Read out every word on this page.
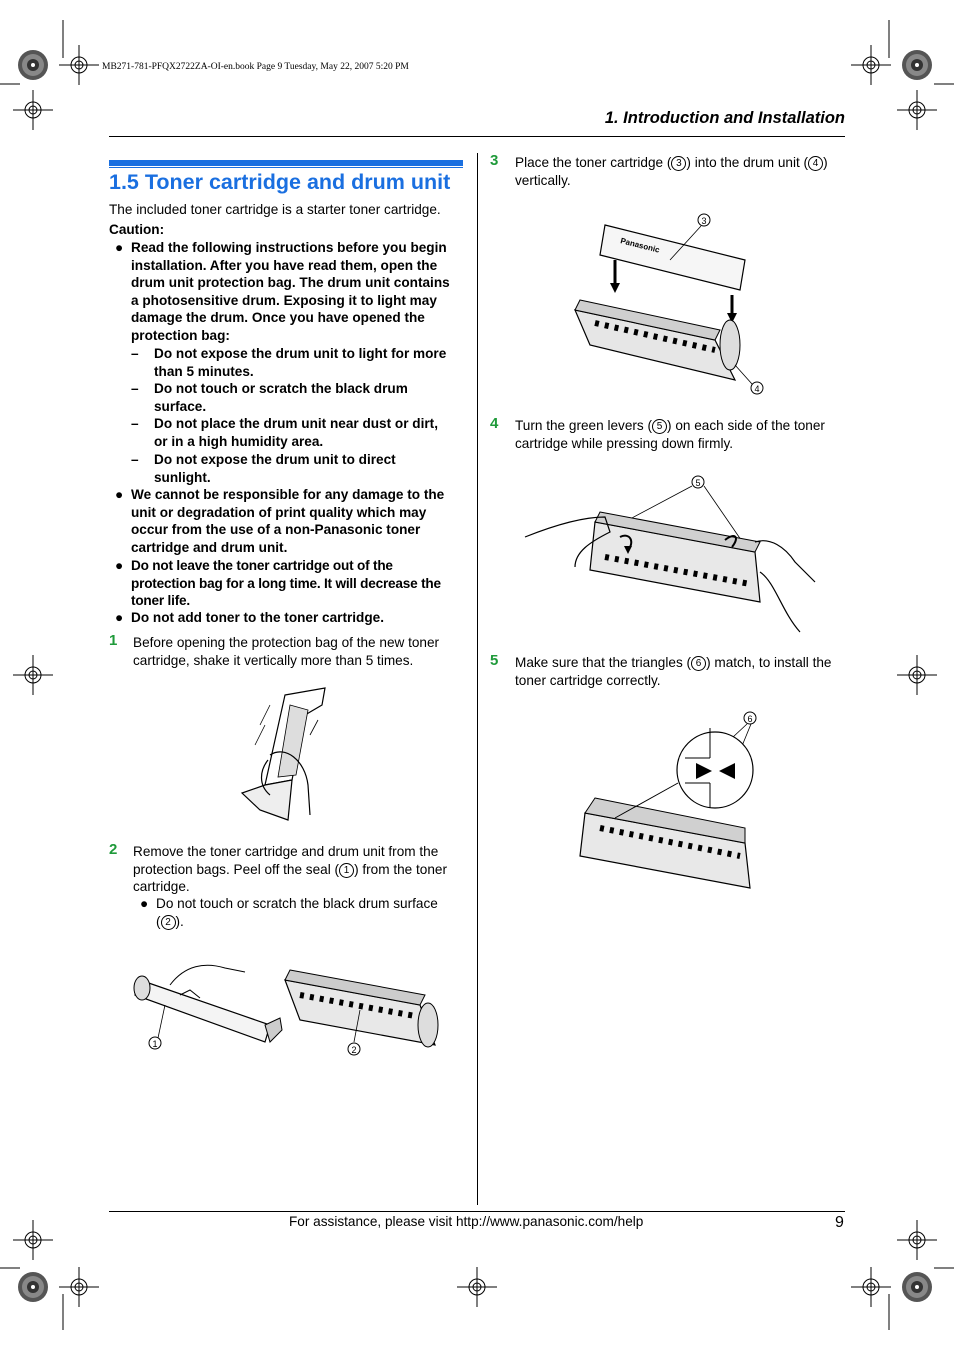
MB271-781-PFQX2722ZA-OI-en.book Page 9 Tuesday, May 22, 2007 5:20 PM
1. Introduction and Installation
1.5 Toner cartridge and drum unit
The included toner cartridge is a starter toner cartridge.
Caution:
● Read the following instructions before you begin
installation. After you have read them, open the
drum unit protection bag. The drum unit contains
a photosensitive drum. Exposing it to light may
damage the drum. Once you have opened the
protection bag:
– Do not expose the drum unit to light for more
than 5 minutes.
– Do not touch or scratch the black drum
surface.
– Do not place the drum unit near dust or dirt,
or in a high humidity area.
– Do not expose the drum unit to direct
sunlight.
● We cannot be responsible for any damage to the
unit or degradation of print quality which may
occur from the use of a non-Panasonic toner
cartridge and drum unit.
● Do not leave the toner cartridge out of the
protection bag for a long time. It will decrease the
toner life.
● Do not add toner to the toner cartridge.
1 Before opening the protection bag of the new toner
cartridge, shake it vertically more than 5 times.
2 Remove the toner cartridge and drum unit from the
protection bags. Peel off the seal ( 1 ) from the toner
cartridge.
● Do not touch or scratch the black drum surface
( 2 ).
1
2
3 Place the toner cartridge ( 3 ) into the drum unit ( 4 )
vertically.
Panasonic
3
4
4 Turn the green levers ( 5 ) on each side of the toner
cartridge while pressing down firmly.
5
5 Make sure that the triangles ( 6 ) match, to install the
toner cartridge correctly.
6
For assistance, please visit http://www.panasonic.com/help	9
